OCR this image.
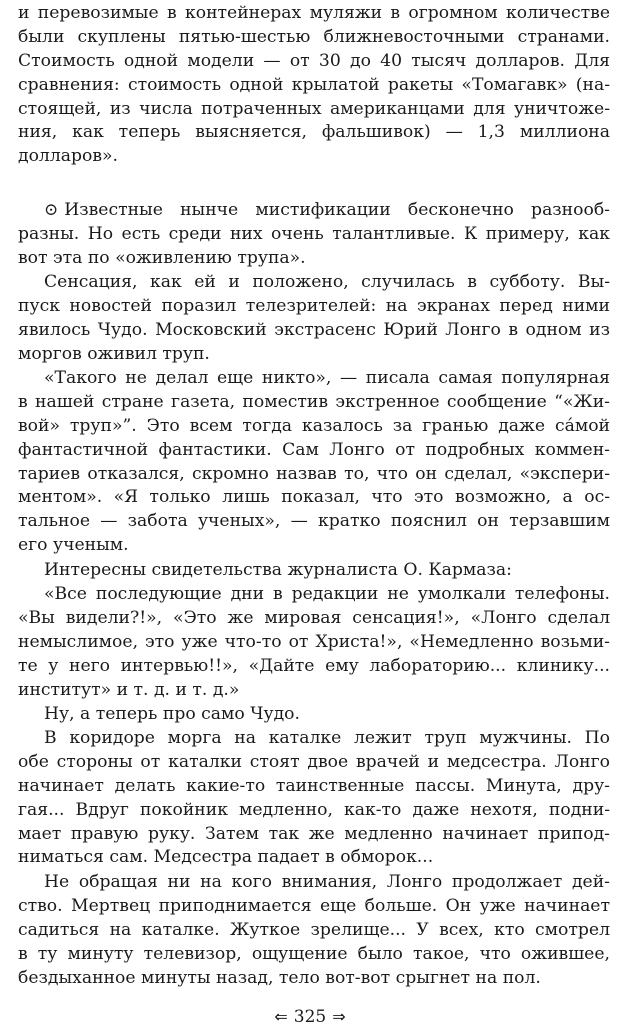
и перевозимые в контейнерах муляжи в огромном количестве
были скуплены пятью-шестью ближневосточными странами.
Стоимость одной модели — от 30 до 40 тысяч долларов. Для
сравнения: стоимость одной крылатой ракеты «Томагавк» (на-
стоящей, из числа потраченных американцами для уничтоже-
ния, как теперь выясняется, фальшивок) — 1,3 миллиона
долларов».
⊙ Известные нынче мистификации бесконечно разнооб-
разны. Но есть среди них очень талантливые. К примеру, как
вот эта по «оживлению трупа».
Сенсация, как ей и положено, случилась в субботу. Вы-
пуск новостей поразил телезрителей: на экранах перед ними
явилось Чудо. Московский экстрасенс Юрий Лонго в одном из
моргов оживил труп.
«Такого не делал еще никто», — писала самая популярная
в нашей стране газета, поместив экстренное сообщение “«Жи-
вой» труп»”. Это всем тогда казалось за гранью даже са́мой
фантастичной фантастики. Сам Лонго от подробных коммен-
тариев отказался, скромно назвав то, что он сделал, «экспери-
ментом». «Я только лишь показал, что это возможно, а ос-
тальное — забота ученых», — кратко пояснил он терзавшим
его ученым.
Интересны свидетельства журналиста О. Кармаза:
«Все последующие дни в редакции не умолкали телефоны.
«Вы видели?!», «Это же мировая сенсация!», «Лонго сделал
немыслимое, это уже что-то от Христа!», «Немедленно возьми-
те у него интервью!!», «Дайте ему лабораторию... клинику...
институт» и т. д. и т. д.»
Ну, а теперь про само Чудо.
В коридоре морга на каталке лежит труп мужчины. По
обе стороны от каталки стоят двое врачей и медсестра. Лонго
начинает делать какие-то таинственные пассы. Минута, дру-
гая... Вдруг покойник медленно, как-то даже нехотя, подни-
мает правую руку. Затем так же медленно начинает припод-
ниматься сам. Медсестра падает в обморок...
Не обращая ни на кого внимания, Лонго продолжает дей-
ство. Мертвец приподнимается еще больше. Он уже начинает
садиться на каталке. Жуткое зрелище... У всех, кто смотрел
в ту минуту телевизор, ощущение было такое, что ожившее,
бездыханное минуты назад, тело вот-вот срыгнет на пол.
⇐ 325 ⇒
